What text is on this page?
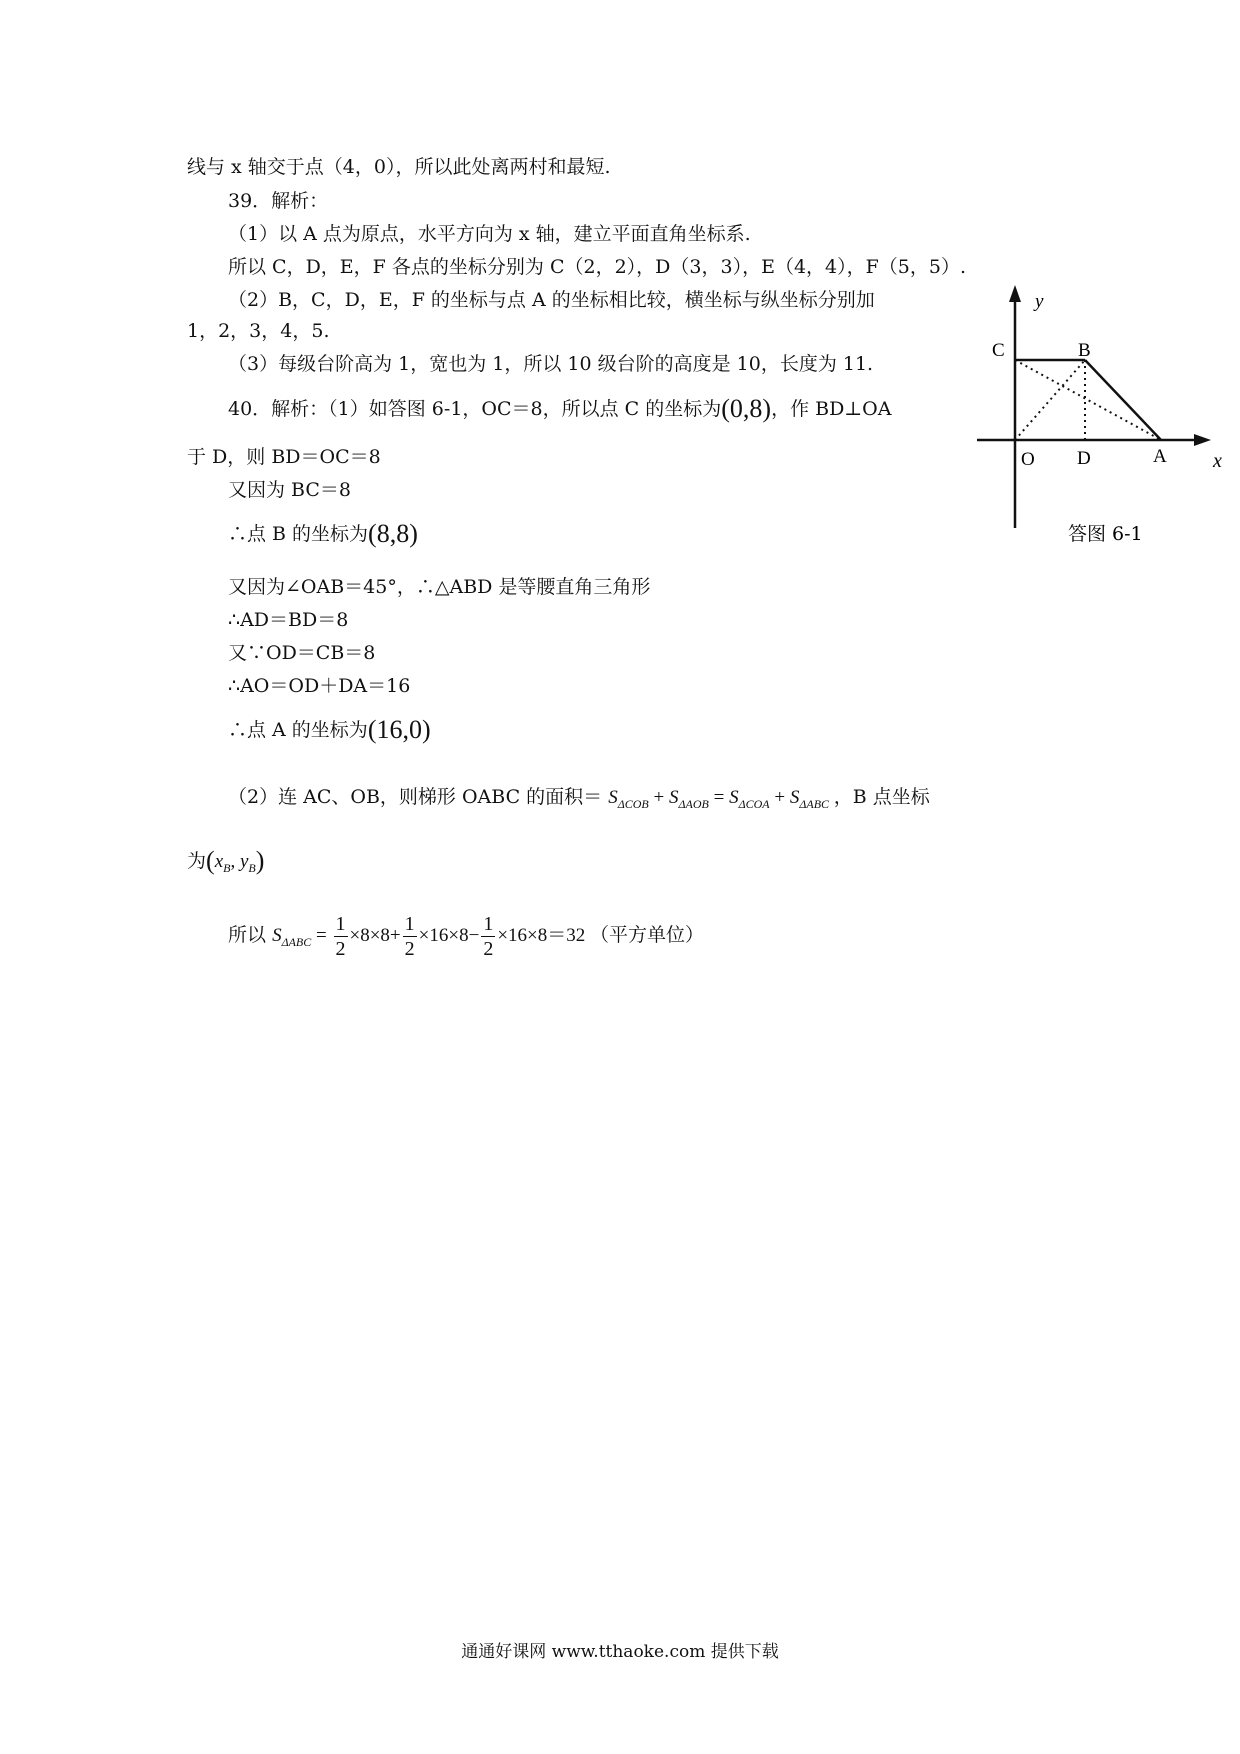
线与 x 轴交于点（4，0），所以此处离两村和最短.
39．解析：
（1）以 A 点为原点，水平方向为 x 轴，建立平面直角坐标系.
所以 C，D，E，F 各点的坐标分别为 C（2，2），D（3，3），E（4，4），F（5，5）.
（2）B，C，D，E，F 的坐标与点 A 的坐标相比较，横坐标与纵坐标分别加
1，2，3，4，5.
（3）每级台阶高为 1，宽也为 1，所以 10 级台阶的高度是 10，长度为 11.
40．解析：（1）如答图 6-1，OC＝8，所以点 C 的坐标为(0,8)，作 BD⊥OA
于 D，则 BD＝OC＝8
又因为 BC＝8
∴点 B 的坐标为(8,8)
又因为∠OAB＝45°，∴△ABD 是等腰直角三角形
∴AD＝BD＝8
又∵OD＝CB＝8
∴AO＝OD＋DA＝16
∴点 A 的坐标为(16,0)
（2）连 AC、OB，则梯形 OABC 的面积＝ $S_{\Delta COB} + S_{\Delta AOB} = S_{\Delta COA} + S_{\Delta ABC}$ ，B 点坐标
为($x_B$, $y_B$)
所以 $S_{\Delta ABC} = \frac{1}{2} \times 8\times 8+ \frac{1}{2} \times 16\times 8- \frac{1}{2} \times 16\times 8=32$ （平方单位）
y
x
C	B
O D	A
答图 6-1
通通好课网 www.tthaoke.com 提供下载
